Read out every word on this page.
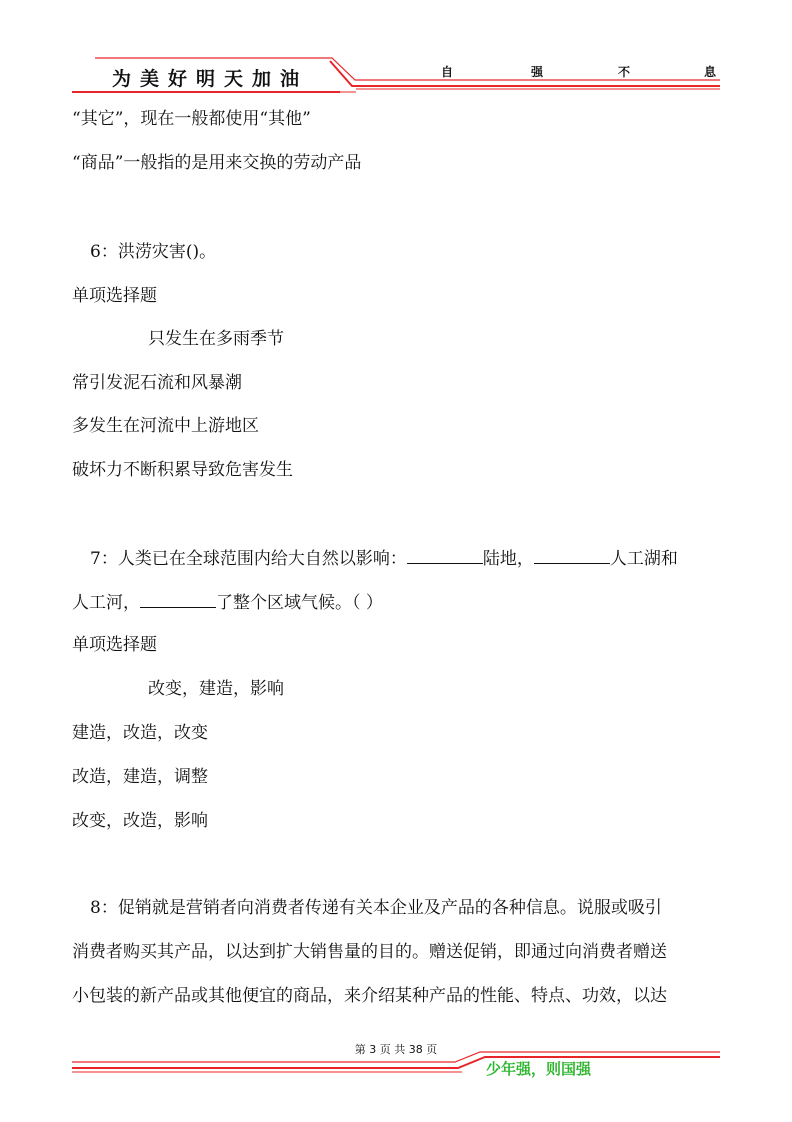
为美好明天加油	自	强	不	息
“其它”，现在一般都使用“其他”
“商品”一般指的是用来交换的劳动产品
6：洪涝灾害()。
单项选择题
只发生在多雨季节
常引发泥石流和风暴潮
多发生在河流中上游地区
破坏力不断积累导致危害发生
7：人类已在全球范围内给大自然以影响：	陆地，	人工湖和
人工河，	了整个区域气候。（ ）
单项选择题
改变，建造，影响
建造，改造，改变
改造，建造，调整
改变，改造，影响
8：促销就是营销者向消费者传递有关本企业及产品的各种信息。说服或吸引
消费者购买其产品，以达到扩大销售量的目的。赠送促销，即通过向消费者赠送
小包装的新产品或其他便宜的商品，来介绍某种产品的性能、特点、功效，以达
第 3 页 共 38 页
少年强，则国强
